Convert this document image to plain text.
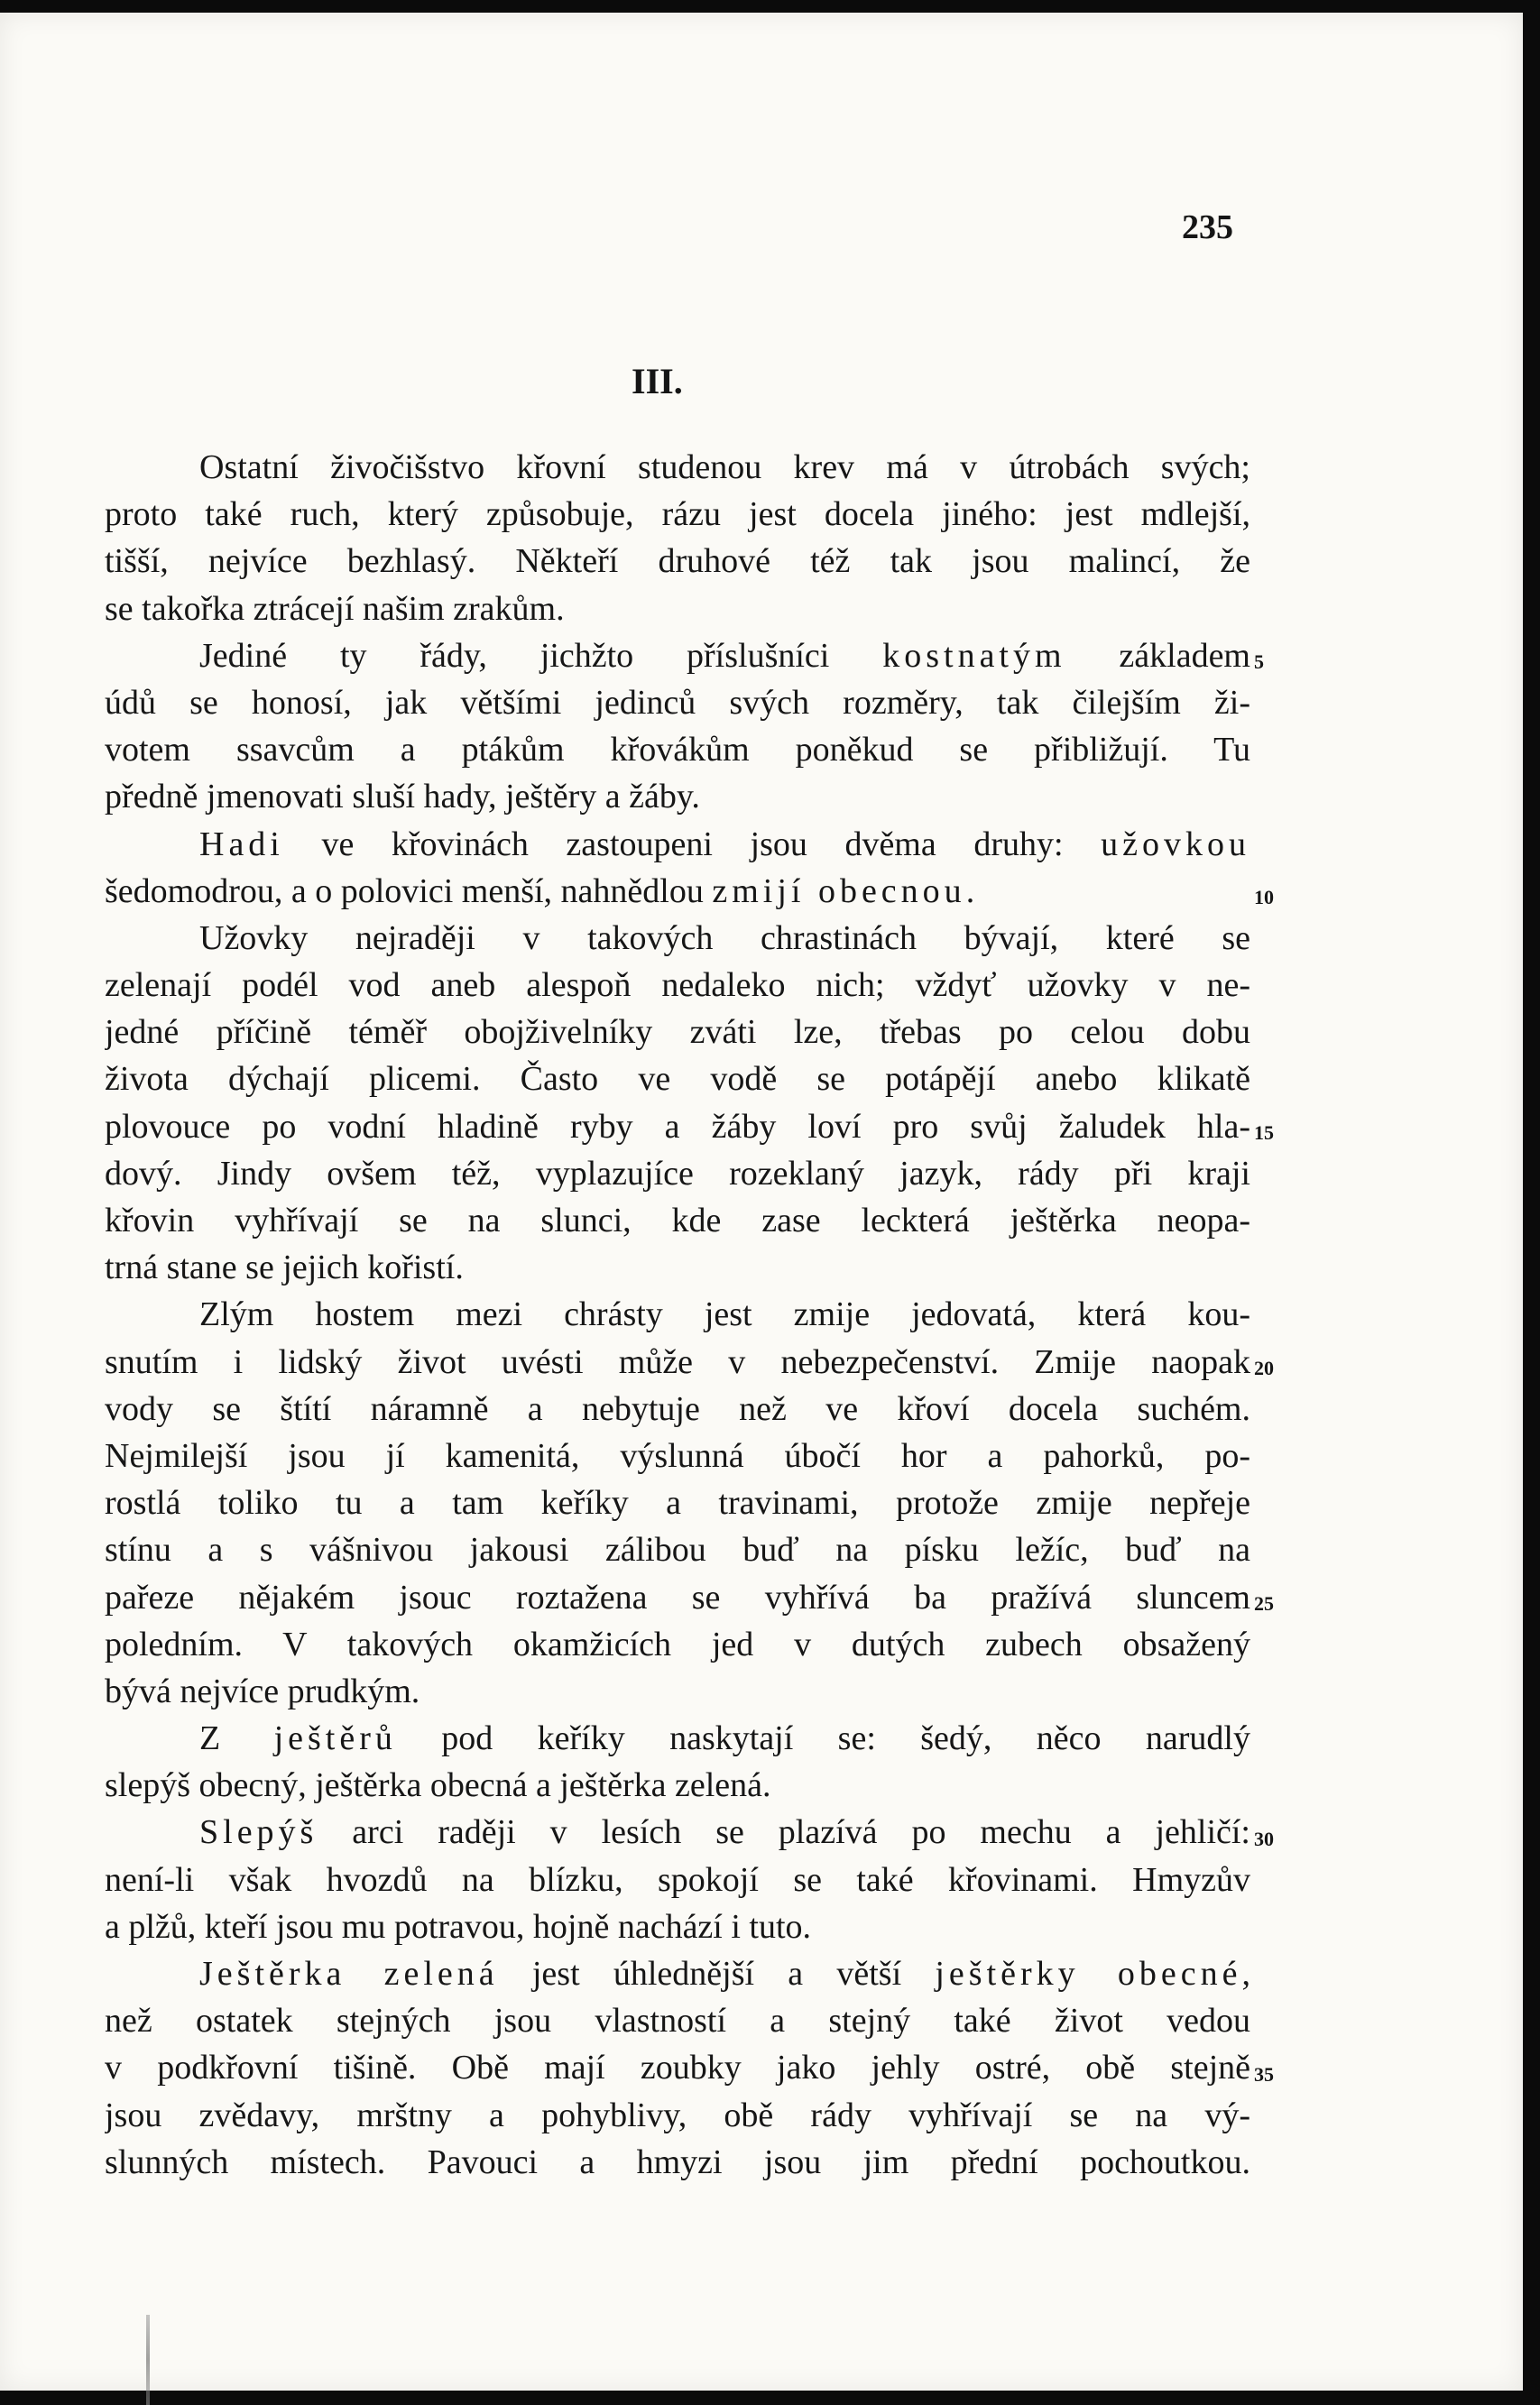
235
III.
Ostatní živočišstvo křovní studenou krev má v útrobách svých;
proto také ruch, který způsobuje, rázu jest docela jiného: jest mdlejší,
tišší, nejvíce bezhlasý. Někteří druhové též tak jsou malincí, že
se takořka ztrácejí našim zrakům.
Jediné ty řády, jichžto příslušníci kostnatým základem
údů se honosí, jak většími jedinců svých rozměry, tak čilejším ži-
votem ssavcům a ptákům křovákům poněkud se přibližují. Tu
předně jmenovati sluší hady, ještěry a žáby.
Hadi ve křovinách zastoupeni jsou dvěma druhy: užovkou
šedomodrou, a o polovici menší, nahnědlou zmijí obecnou.
Užovky nejraději v takových chrastinách bývají, které se
zelenají podél vod aneb alespoň nedaleko nich; vždyť užovky v ne-
jedné příčině téměř obojživelníky zváti lze, třebas po celou dobu
života dýchají plicemi. Často ve vodě se potápějí anebo klikatě
plovouce po vodní hladině ryby a žáby loví pro svůj žaludek hla-
dový. Jindy ovšem též, vyplazujíce rozeklaný jazyk, rády při kraji
křovin vyhřívají se na slunci, kde zase leckterá ještěrka neopa-
trná stane se jejich kořistí.
Zlým hostem mezi chrásty jest zmije jedovatá, která kou-
snutím i lidský život uvésti může v nebezpečenství. Zmije naopak
vody se štítí náramně a nebytuje než ve křoví docela suchém.
Nejmilejší jsou jí kamenitá, výslunná úbočí hor a pahorků, po-
rostlá toliko tu a tam keříky a travinami, protože zmije nepřeje
stínu a s vášnivou jakousi zálibou buď na písku ležíc, buď na
pařeze nějakém jsouc roztažena se vyhřívá ba pražívá sluncem
poledním. V takových okamžicích jed v dutých zubech obsažený
bývá nejvíce prudkým.
Z ještěrů pod keříky naskytají se: šedý, něco narudlý
slepýš obecný, ještěrka obecná a ještěrka zelená.
Slepýš arci raději v lesích se plazívá po mechu a jehličí:
není-li však hvozdů na blízku, spokojí se také křovinami. Hmyzův
a plžů, kteří jsou mu potravou, hojně nachází i tuto.
Ještěrka zelená jest úhlednější a větší ještěrky obecné,
než ostatek stejných jsou vlastností a stejný také život vedou
v podkřovní tišině. Obě mají zoubky jako jehly ostré, obě stejně
jsou zvědavy, mrštny a pohyblivy, obě rády vyhřívají se na vý-
slunných místech. Pavouci a hmyzi jsou jim přední pochoutkou.
5
10
15
20
25
30
35
